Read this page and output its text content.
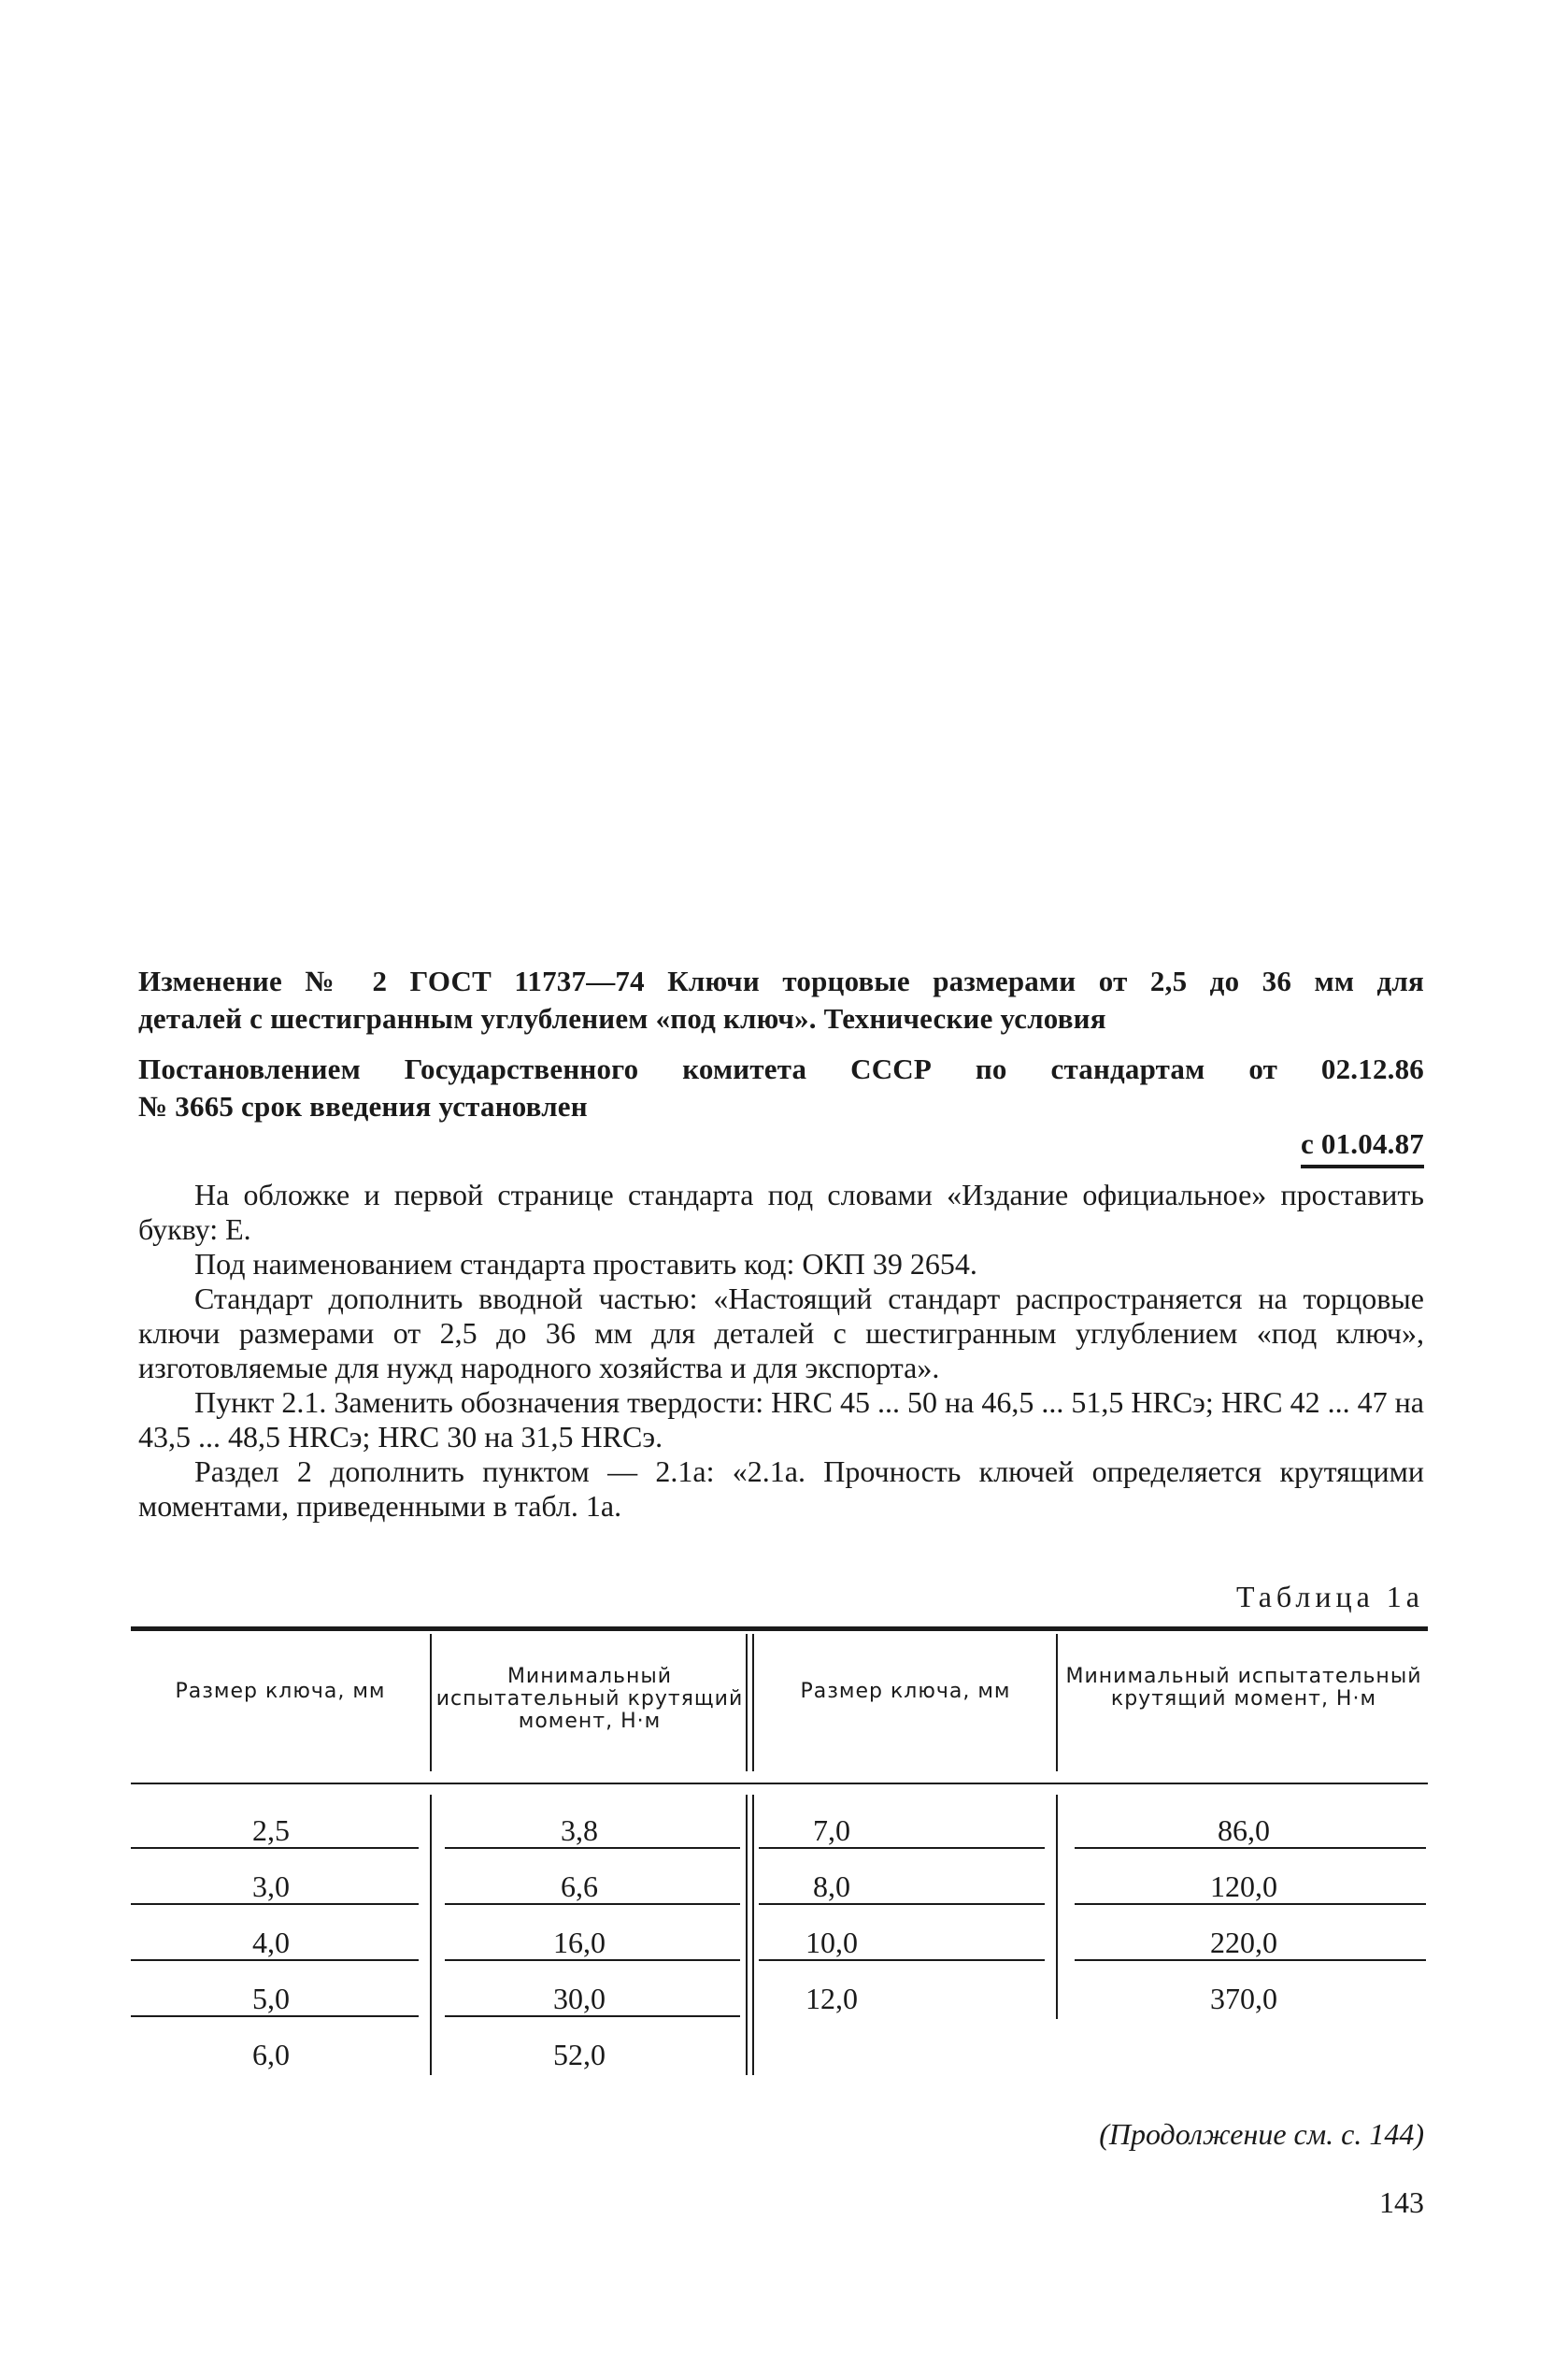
Изменение № 2 ГОСТ 11737—74 Ключи торцовые размерами от 2,5 до 36 мм для

деталей с шестигранным углублением «под ключ». Технические условия

Постановлением Государственного комитета СССР по стандартам от 02.12.86

№ 3665 срок введения установлен

с 01.04.87

На обложке и первой странице стандарта под словами «Издание официальное» проставить букву: Е.

Под наименованием стандарта проставить код: ОКП 39 2654.

Стандарт дополнить вводной частью: «Настоящий стандарт распространяется на торцовые ключи размерами от 2,5 до 36 мм для деталей с шестигранным углублением «под ключ», изготовляемые для нужд народного хозяйства и для экспорта».

Пункт 2.1. Заменить обозначения твердости: HRC 45 ... 50 на 46,5 ... 51,5 HRCэ; HRC 42 ... 47 на 43,5 ... 48,5 HRCэ; HRC 30 на 31,5 HRCэ.

Раздел 2 дополнить пунктом — 2.1а: «2.1а. Прочность ключей определяется крутящими моментами, приведенными в табл. 1а.

Таблица 1а
Размер ключа, мм
Минимальный испытательный крутящий момент, Н·м
Размер ключа, мм
Минимальный испытательный крутящий момент, Н·м
2,5
3,0
4,0
5,0
6,0
3,8
6,6
16,0
30,0
52,0
7,0
8,0
10,0
12,0
86,0
120,0
220,0
370,0
(Продолжение см. с. 144)
143
